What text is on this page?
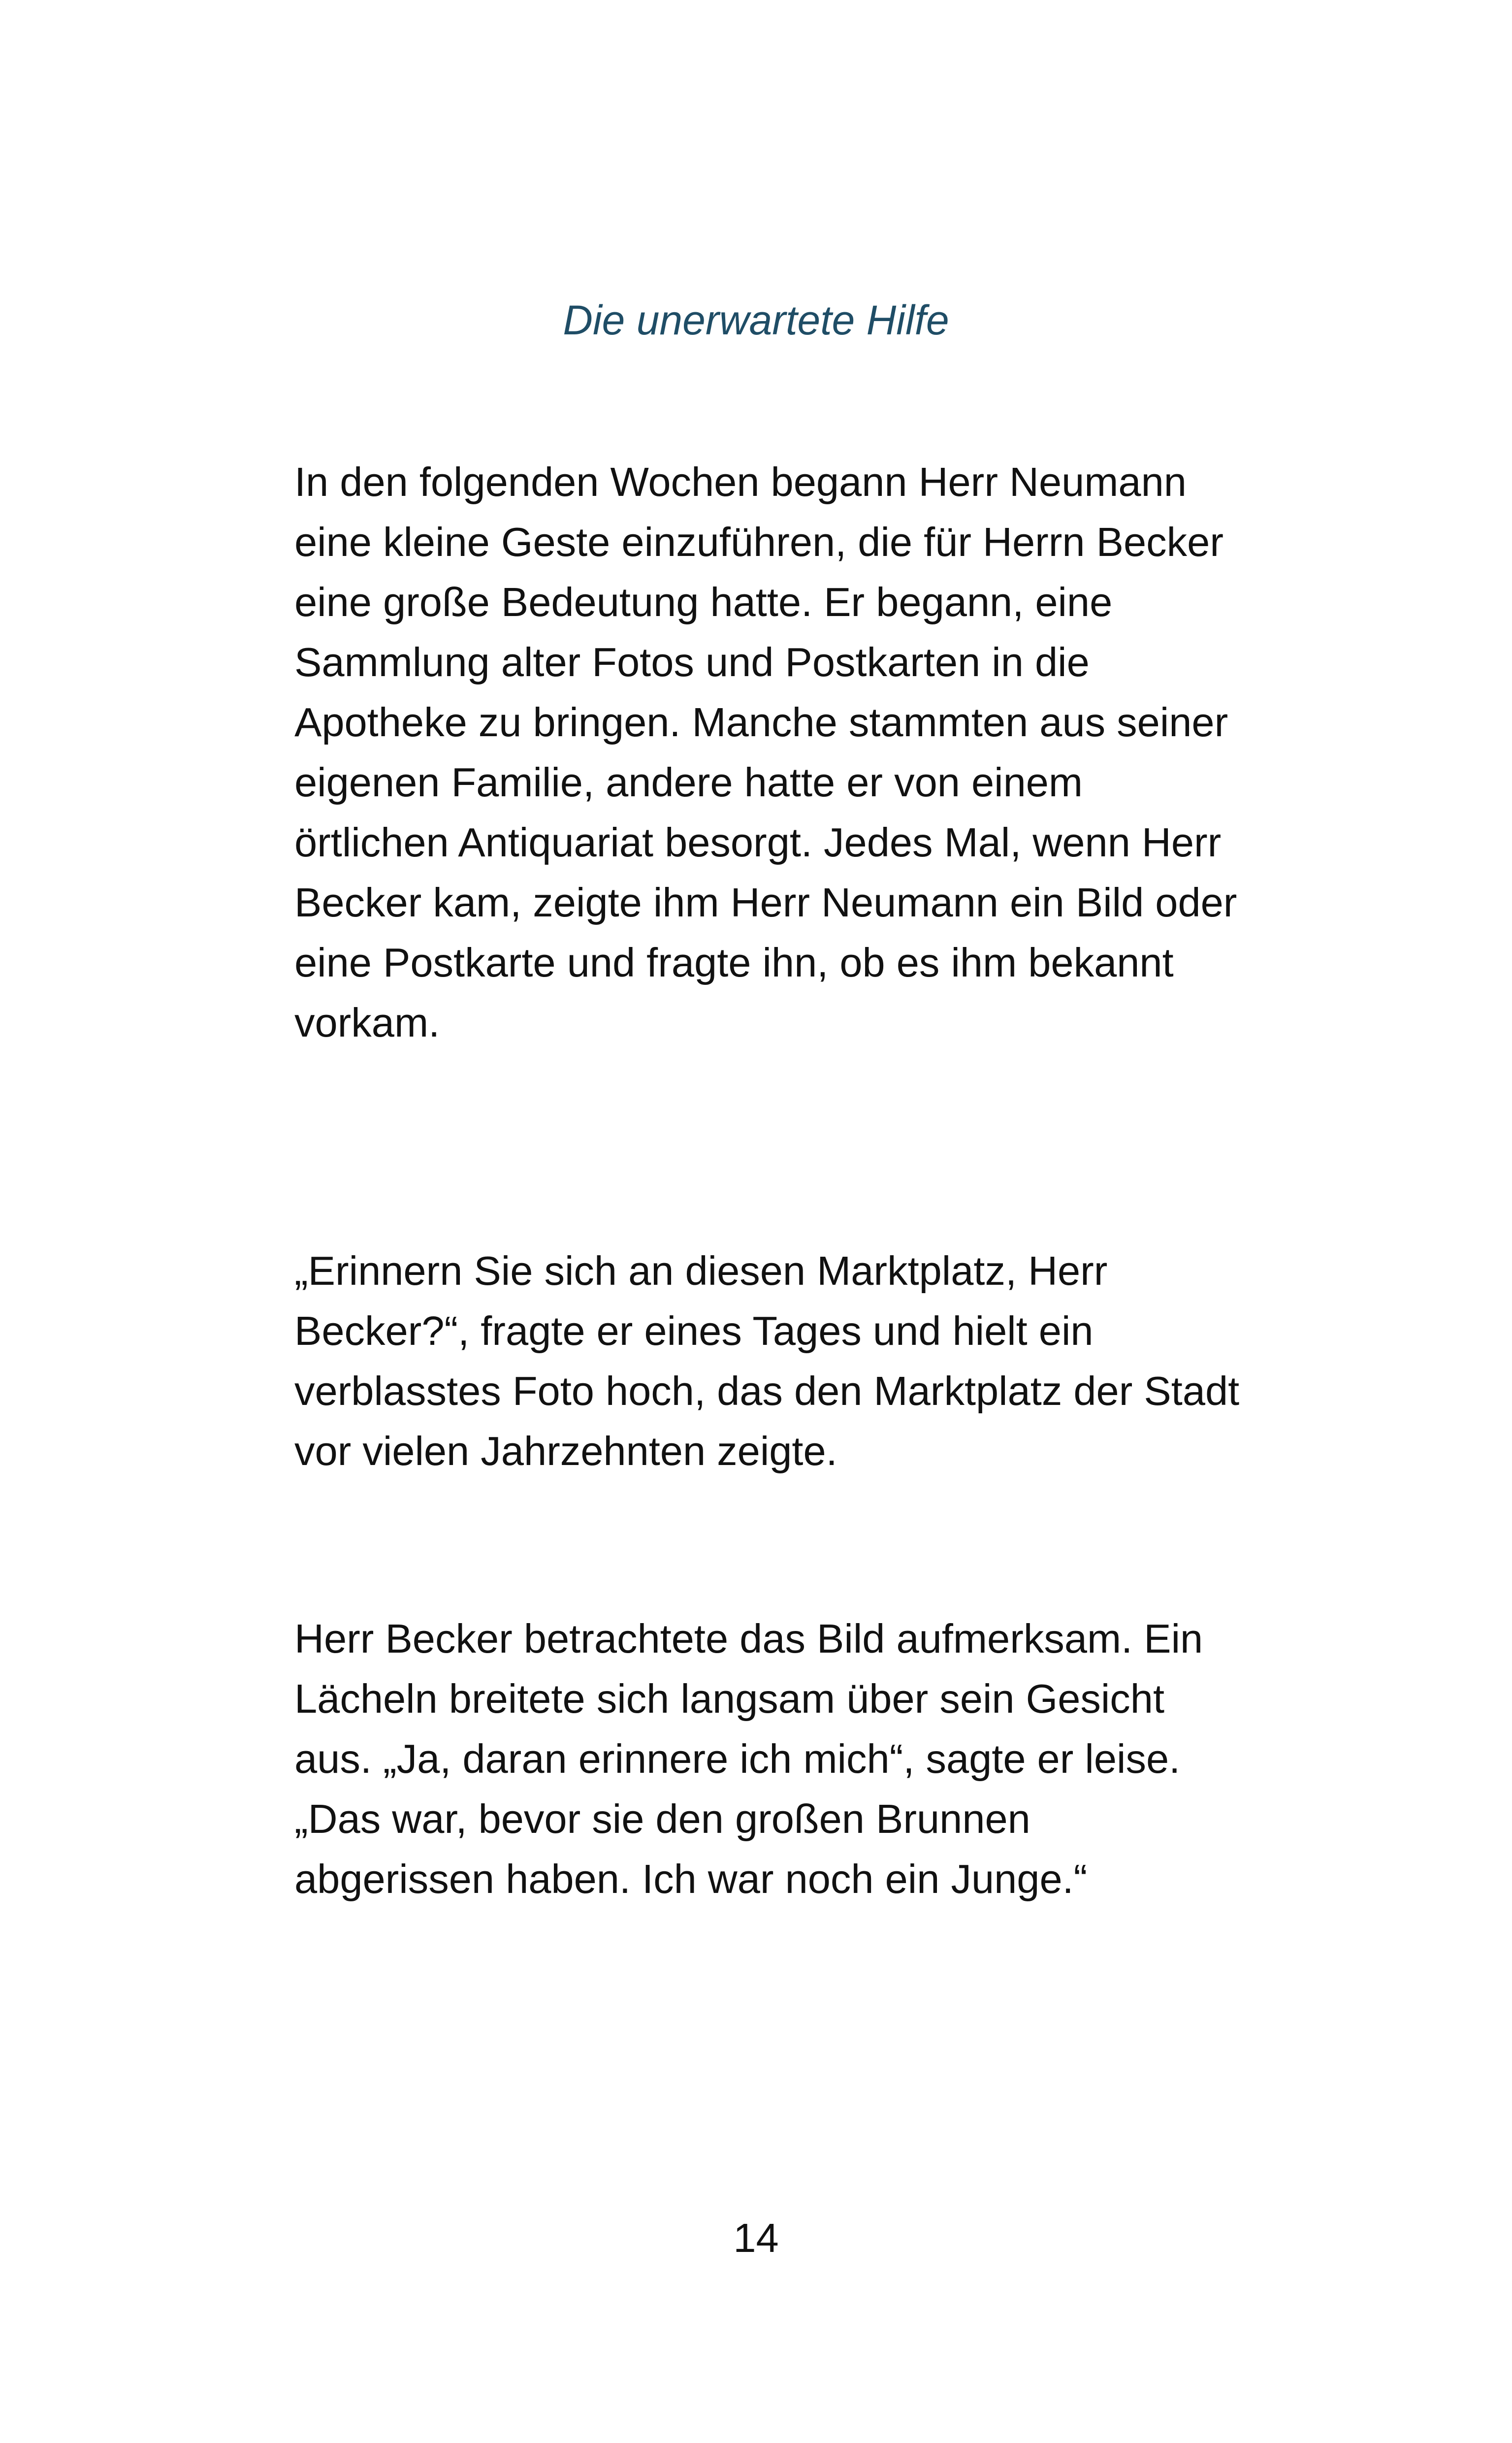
Die unerwartete Hilfe

In den folgenden Wochen begann Herr Neumann eine kleine Geste einzuführen, die für Herrn Becker eine große Bedeutung hatte. Er begann, eine Sammlung alter Fotos und Postkarten in die Apotheke zu bringen. Manche stammten aus seiner eigenen Familie, andere hatte er von einem örtlichen Antiquariat besorgt. Jedes Mal, wenn Herr Becker kam, zeigte ihm Herr Neumann ein Bild oder eine Postkarte und fragte ihn, ob es ihm bekannt vorkam.

„Erinnern Sie sich an diesen Marktplatz, Herr Becker?“, fragte er eines Tages und hielt ein verblasstes Foto hoch, das den Marktplatz der Stadt vor vielen Jahrzehnten zeigte.

Herr Becker betrachtete das Bild aufmerksam. Ein Lächeln breitete sich langsam über sein Gesicht aus. „Ja, daran erinnere ich mich“, sagte er leise. „Das war, bevor sie den großen Brunnen abgerissen haben. Ich war noch ein Junge.“

14
